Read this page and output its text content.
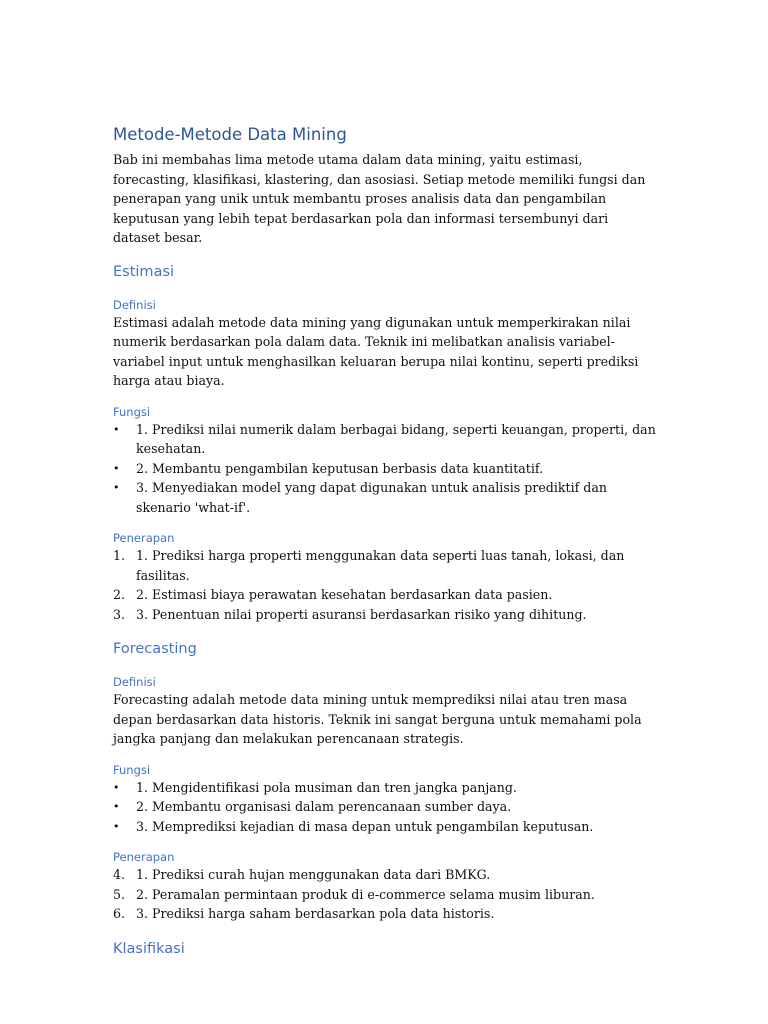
Metode-Metode Data Mining

Bab ini membahas lima metode utama dalam data mining, yaitu estimasi, forecasting, klasifikasi, klastering, dan asosiasi. Setiap metode memiliki fungsi dan penerapan yang unik untuk membantu proses analisis data dan pengambilan keputusan yang lebih tepat berdasarkan pola dan informasi tersembunyi dari dataset besar.

Estimasi
Definisi

Estimasi adalah metode data mining yang digunakan untuk memperkirakan nilai numerik berdasarkan pola dalam data. Teknik ini melibatkan analisis variabel-variabel input untuk menghasilkan keluaran berupa nilai kontinu, seperti prediksi harga atau biaya.

Fungsi
• 1. Prediksi nilai numerik dalam berbagai bidang, seperti keuangan, properti, dan kesehatan.
• 2. Membantu pengambilan keputusan berbasis data kuantitatif.
• 3. Menyediakan model yang dapat digunakan untuk analisis prediktif dan skenario 'what-if'.
Penerapan
1. 1. Prediksi harga properti menggunakan data seperti luas tanah, lokasi, dan fasilitas.
2. 2. Estimasi biaya perawatan kesehatan berdasarkan data pasien.
3. 3. Penentuan nilai properti asuransi berdasarkan risiko yang dihitung.
Forecasting
Definisi

Forecasting adalah metode data mining untuk memprediksi nilai atau tren masa depan berdasarkan data historis. Teknik ini sangat berguna untuk memahami pola jangka panjang dan melakukan perencanaan strategis.

Fungsi
• 1. Mengidentifikasi pola musiman dan tren jangka panjang.
• 2. Membantu organisasi dalam perencanaan sumber daya.
• 3. Memprediksi kejadian di masa depan untuk pengambilan keputusan.
Penerapan
4. 1. Prediksi curah hujan menggunakan data dari BMKG.
5. 2. Peramalan permintaan produk di e-commerce selama musim liburan.
6. 3. Prediksi harga saham berdasarkan pola data historis.
Klasifikasi
